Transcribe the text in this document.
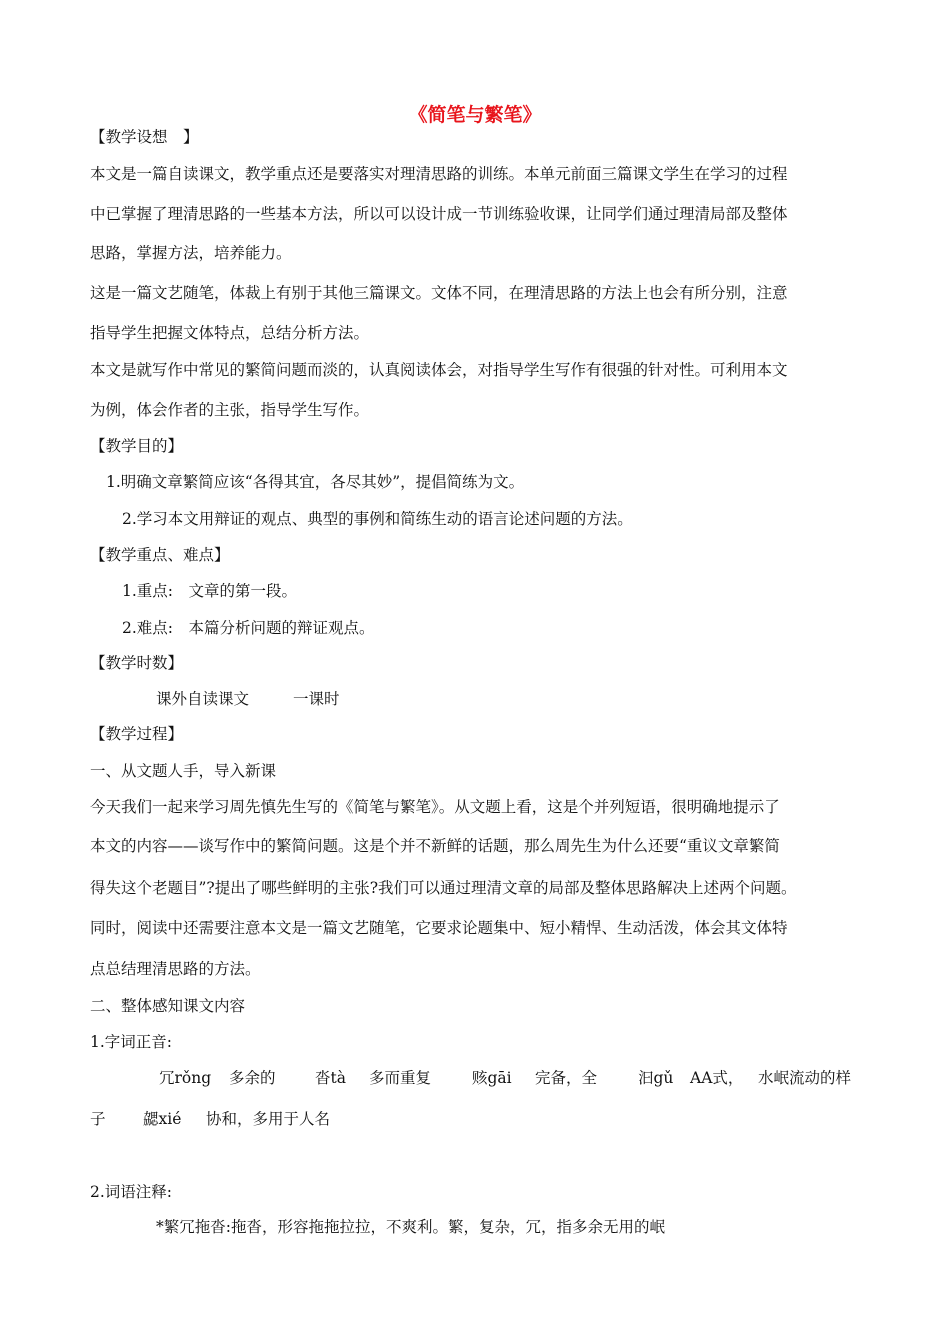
《简笔与繁笔》
【教学设想　】
本文是一篇自读课文，教学重点还是要落实对理清思路的训练。本单元前面三篇课文学生在学习的过程
中已掌握了理清思路的一些基本方法，所以可以设计成一节训练验收课，让同学们通过理清局部及整体
思路，掌握方法，培养能力。
这是一篇文艺随笔，体裁上有别于其他三篇课文。文体不同，在理清思路的方法上也会有所分别，注意
指导学生把握文体特点，总结分析方法。
本文是就写作中常见的繁简问题而淡的，认真阅读体会，对指导学生写作有很强的针对性。可利用本文
为例，体会作者的主张，指导学生写作。
【教学目的】
1.明确文章繁简应该“各得其宜，各尽其妙”，提倡简练为文。
2.学习本文用辩证的观点、典型的事例和简练生动的语言论述问题的方法。
【教学重点、难点】
1.重点:　文章的第一段。
2.难点:　本篇分析问题的辩证观点。
【教学时数】
课外自读课文	一课时
【教学过程】
一、从文题人手，导入新课
今天我们一起来学习周先慎先生写的《简笔与繁笔》。从文题上看，这是个并列短语，很明确地提示了
本文的内容——谈写作中的繁简问题。这是个并不新鲜的话题，那么周先生为什么还要“重议文章繁简
得失这个老题目”?提出了哪些鲜明的主张?我们可以通过理清文章的局部及整体思路解决上述两个问题。
同时，阅读中还需要注意本文是一篇文艺随笔，它要求论题集中、短小精悍、生动活泼，体会其文体特
点总结理清思路的方法。
二、整体感知课文内容
1.字词正音:
冗rǒng 多余的	沓tà 多而重复	赅gāi 完备，全	汩gǔ AA式， 水岷流动的样
子 勰xié 协和，多用于人名
2.词语注释:
*繁冗拖沓:拖沓，形容拖拖拉拉，不爽利。繁，复杂，冗，指多余无用的岷
